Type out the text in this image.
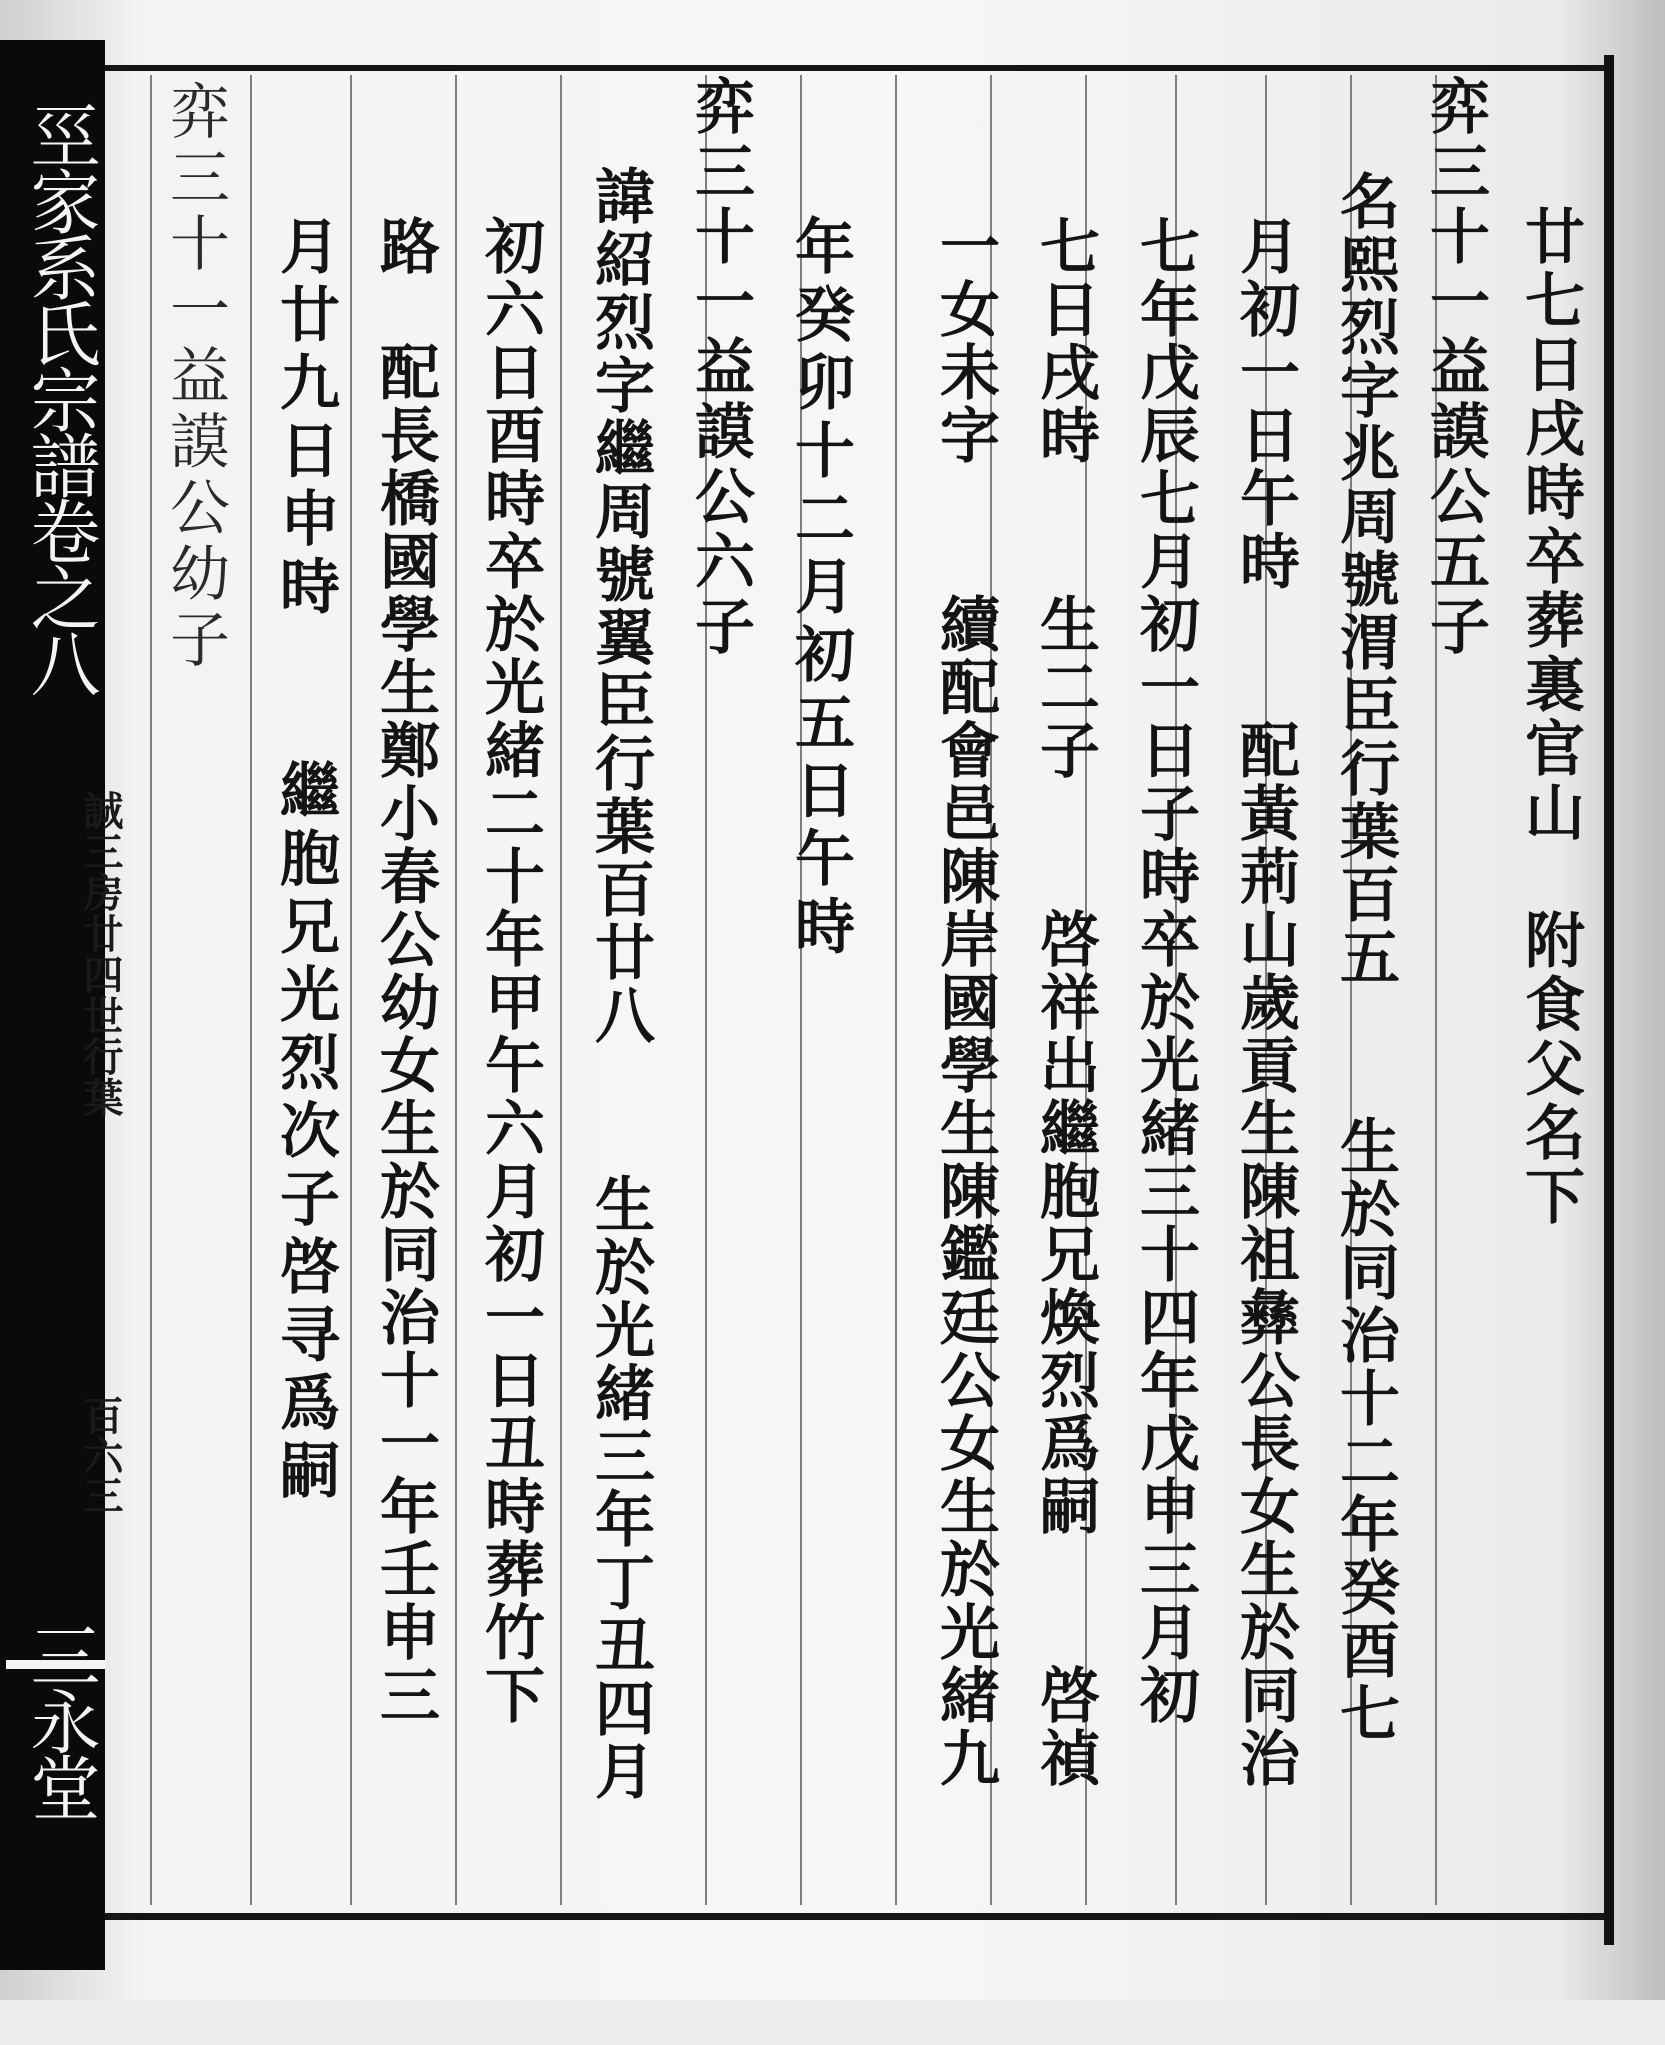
巠家系氏宗譜卷之八
三永堂
誠三房廿四世行葉
百六三
廿七日戌時卒葬裏官山　附食父名下
弈三十一益謨公五子
名熙烈字兆周號渭臣行葉百五　　生於同治十二年癸酉七
月初一日午時　　配黃荊山歲貢生陳祖彝公長女生於同治
七年戊辰七月初一日子時卒於光緒三十四年戊申三月初
七日戌時　　生二子　　啓祥出繼胞兄煥烈爲嗣　　啓禎
一女未字　　續配會邑陳岸國學生陳鑑廷公女生於光緒九
年癸卯十二月初五日午時
弈三十一益謨公六子
諱紹烈字繼周號翼臣行葉百廿八　　生於光緒三年丁丑四月
初六日酉時卒於光緒二十年甲午六月初一日丑時葬竹下
路　配長橋國學生鄭小春公幼女生於同治十一年壬申三
月廿九日申時　　繼胞兄光烈次子啓寻爲嗣
弈三十一益謨公幼子
